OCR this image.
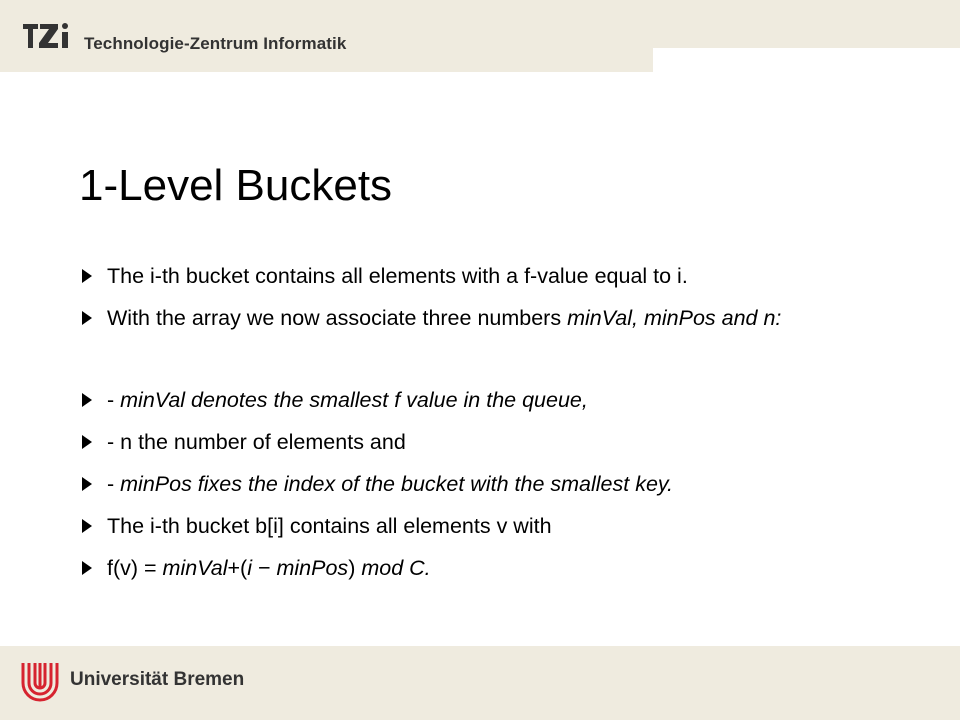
Technologie-Zentrum Informatik
1-Level Buckets
The i-th bucket contains all elements with a f-value equal to i.
With the array we now associate three numbers minVal, minPos and n:
- minVal denotes the smallest f value in the queue,
- n the number of elements and
- minPos fixes the index of the bucket with the smallest key.
The i-th bucket b[i] contains all elements v with
f(v) = minVal+(i − minPos) mod C.
Universität Bremen
